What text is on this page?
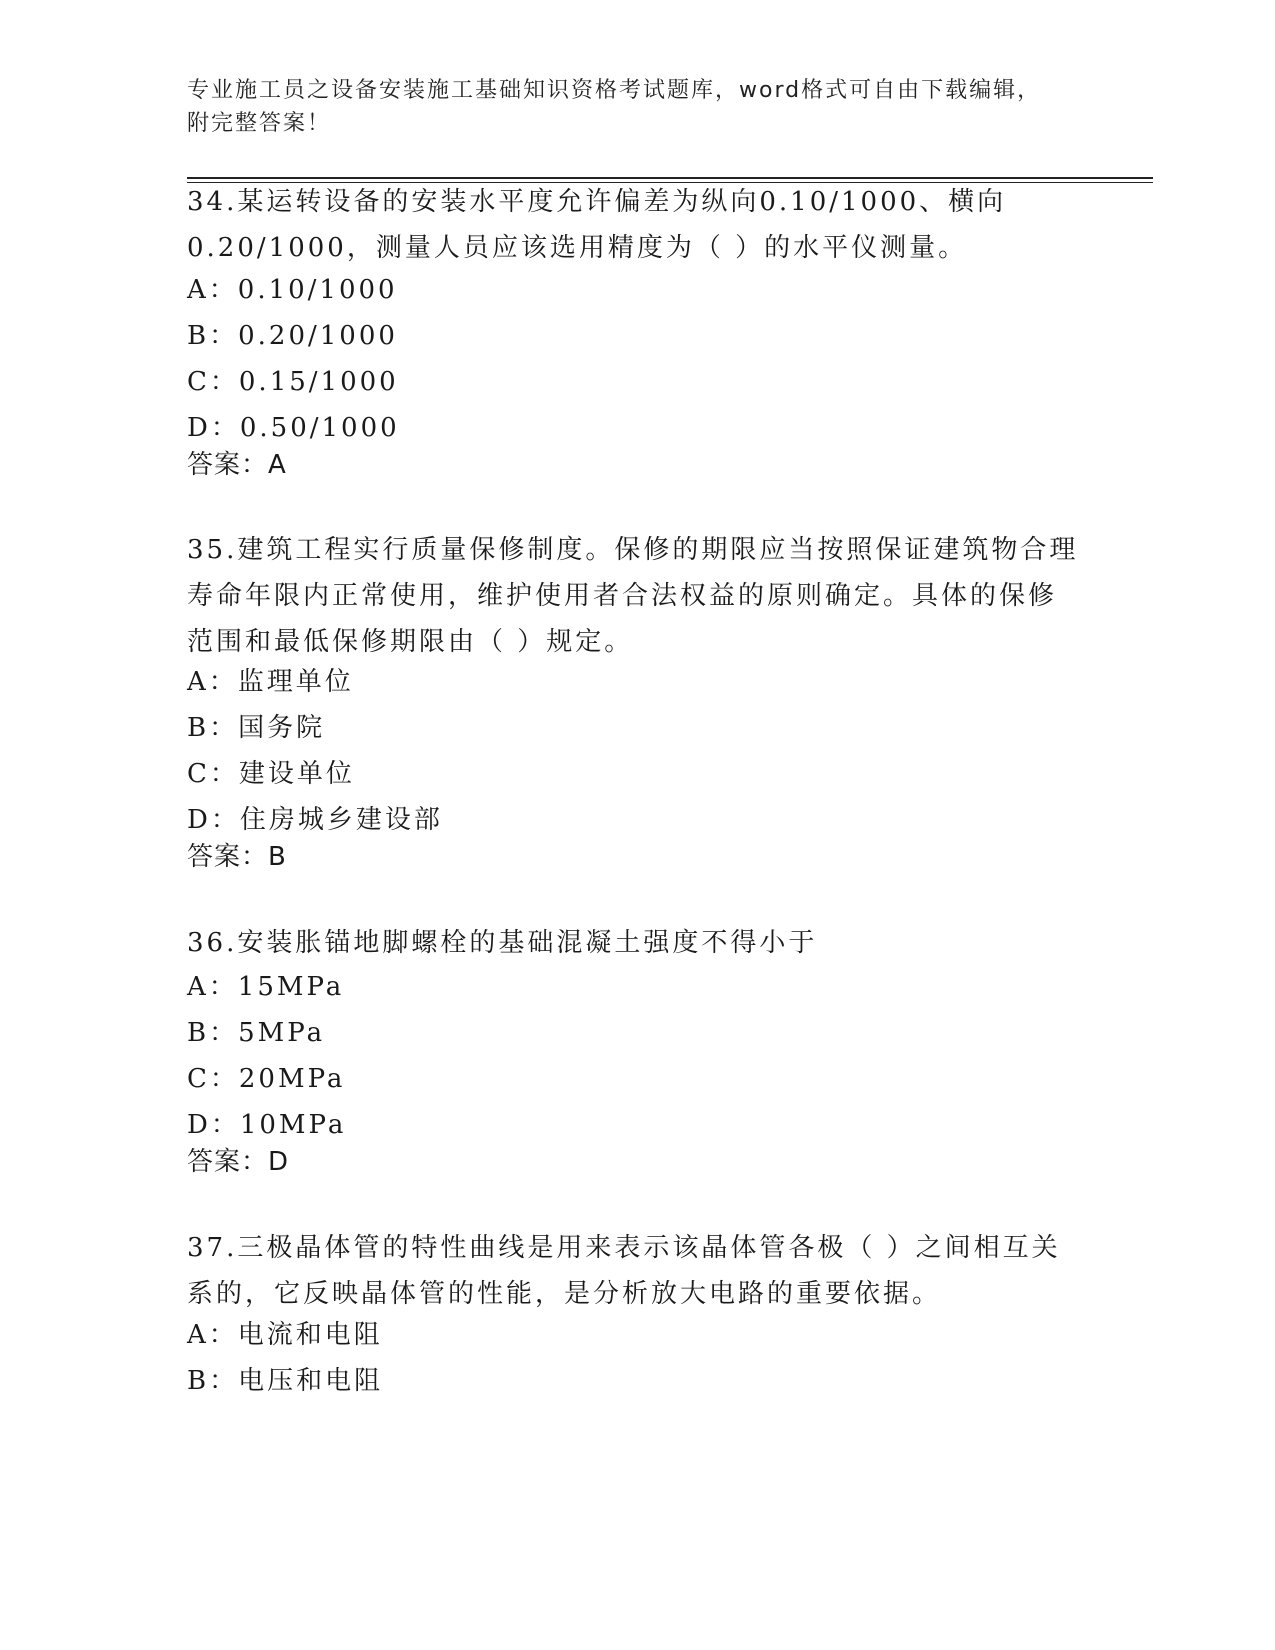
专业施工员之设备安装施工基础知识资格考试题库，word格式可自由下载编辑，
附完整答案！
34.某运转设备的安装水平度允许偏差为纵向0.10/1000、横向
0.20/1000，测量人员应该选用精度为（ ）的水平仪测量。
A：0.10/1000
B：0.20/1000
C：0.15/1000
D：0.50/1000
答案：A
35.建筑工程实行质量保修制度。保修的期限应当按照保证建筑物合理
寿命年限内正常使用，维护使用者合法权益的原则确定。具体的保修
范围和最低保修期限由（ ）规定。
A：监理单位
B：国务院
C：建设单位
D：住房城乡建设部
答案：B
36.安装胀锚地脚螺栓的基础混凝土强度不得小于
A：15MPa
B：5MPa
C：20MPa
D：10MPa
答案：D
37.三极晶体管的特性曲线是用来表示该晶体管各极（ ）之间相互关
系的，它反映晶体管的性能，是分析放大电路的重要依据。
A：电流和电阻
B：电压和电阻
